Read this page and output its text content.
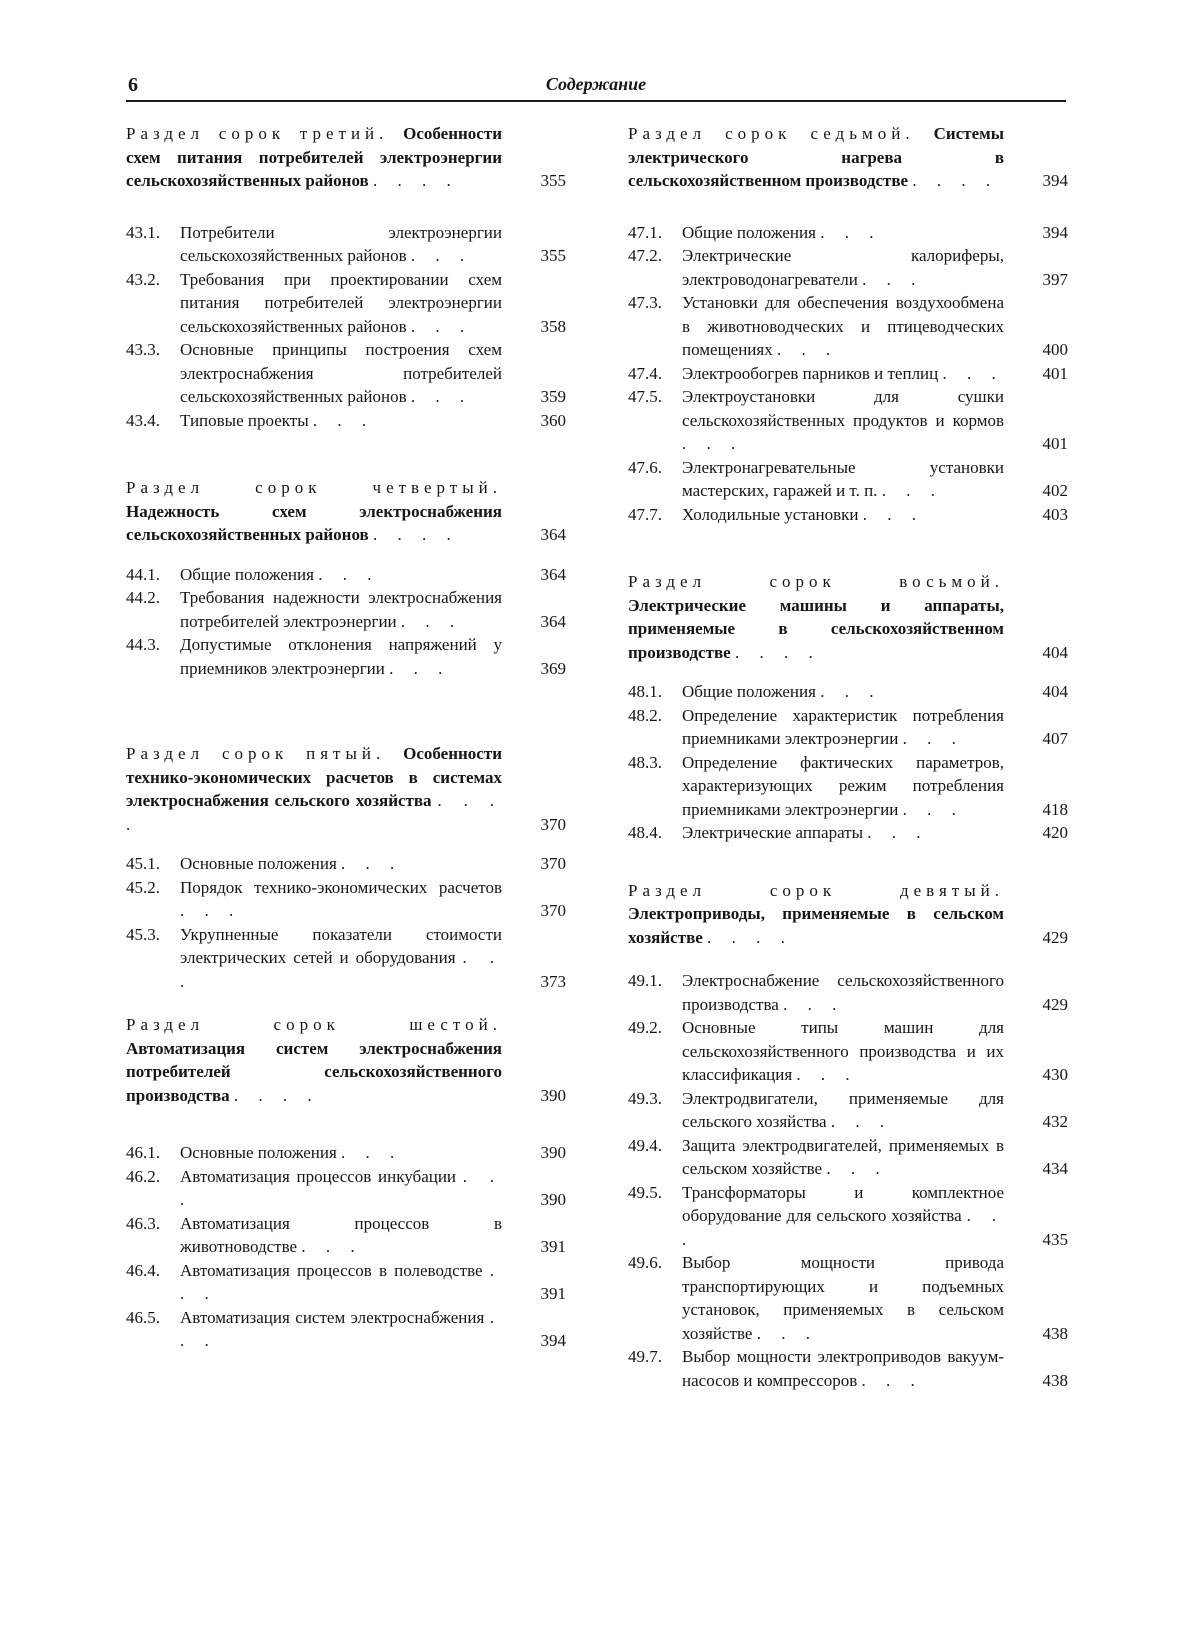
6	Содержание
Раздел сорок третий. Особенности схем питания потребителей электроэнергии сельскохозяйственных районов . . . .	355
43.1. Потребители электроэнергии сельскохозяйственных районов . . .	355
43.2. Требования при проектировании схем питания потребителей электроэнергии сельскохозяйственных районов . . .	358
43.3. Основные принципы построения схем электроснабжения потребителей сельскохозяйственных районов . . .	359
43.4. Типовые проекты . . .	360
Раздел сорок четвертый. Надежность схем электроснабжения сельскохозяйственных районов . . . .	364
44.1. Общие положения . . .	364
44.2. Требования надежности электроснабжения потребителей электроэнергии . . .	364
44.3. Допустимые отклонения напряжений у приемников электроэнергии . . .	369
Раздел сорок пятый. Особенности технико-экономических расчетов в системах электроснабжения сельского хозяйства . . . .	370
45.1. Основные положения . . .	370
45.2. Порядок технико-экономических расчетов . . .	370
45.3. Укрупненные показатели стоимости электрических сетей и оборудования . . .	373
Раздел сорок шестой. Автоматизация систем электроснабжения потребителей сельскохозяйственного производства . . . .	390
46.1. Основные положения . . .	390
46.2. Автоматизация процессов инкубации . . .	390
46.3. Автоматизация процессов в животноводстве . . .	391
46.4. Автоматизация процессов в полеводстве . . .	391
46.5. Автоматизация систем электроснабжения . . .	394
Раздел сорок седьмой. Системы электрического нагрева в сельскохозяйственном производстве . . . .	394
47.1. Общие положения . . .	394
47.2. Электрические калориферы, электроводонагреватели . . .	397
47.3. Установки для обеспечения воздухообмена в животноводческих и птицеводческих помещениях . . .	400
47.4. Электрообогрев парников и теплиц . . . 401
47.5. Электроустановки для сушки сельскохозяйственных продуктов и кормов . . .	401
47.6. Электронагревательные установки мастерских, гаражей и т. п. . . .	402
47.7. Холодильные установки . . .	403
Раздел сорок восьмой. Электрические машины и аппараты, применяемые в сельскохозяйственном производстве . . . .	404
48.1. Общие положения . . .	404
48.2. Определение характеристик потребления приемниками электроэнергии . . .	407
48.3. Определение фактических параметров, характеризующих режим потребления приемниками электроэнергии . . .	418
48.4. Электрические аппараты . . .	420
Раздел сорок девятый. Электроприводы, применяемые в сельском хозяйстве . . . .	429
49.1. Электроснабжение сельскохозяйственного производства . . .	429
49.2. Основные типы машин для сельскохозяйственного производства и их классификация . . .	430
49.3. Электродвигатели, применяемые для сельского хозяйства . . .	432
49.4. Защита электродвигателей, применяемых в сельском хозяйстве . . .	434
49.5. Трансформаторы и комплектное оборудование для сельского хозяйства . . .	435
49.6. Выбор мощности привода транспортирующих и подъемных установок, применяемых в сельском хозяйстве . . .	438
49.7. Выбор мощности электроприводов вакуум-насосов и компрессоров . . .	438
